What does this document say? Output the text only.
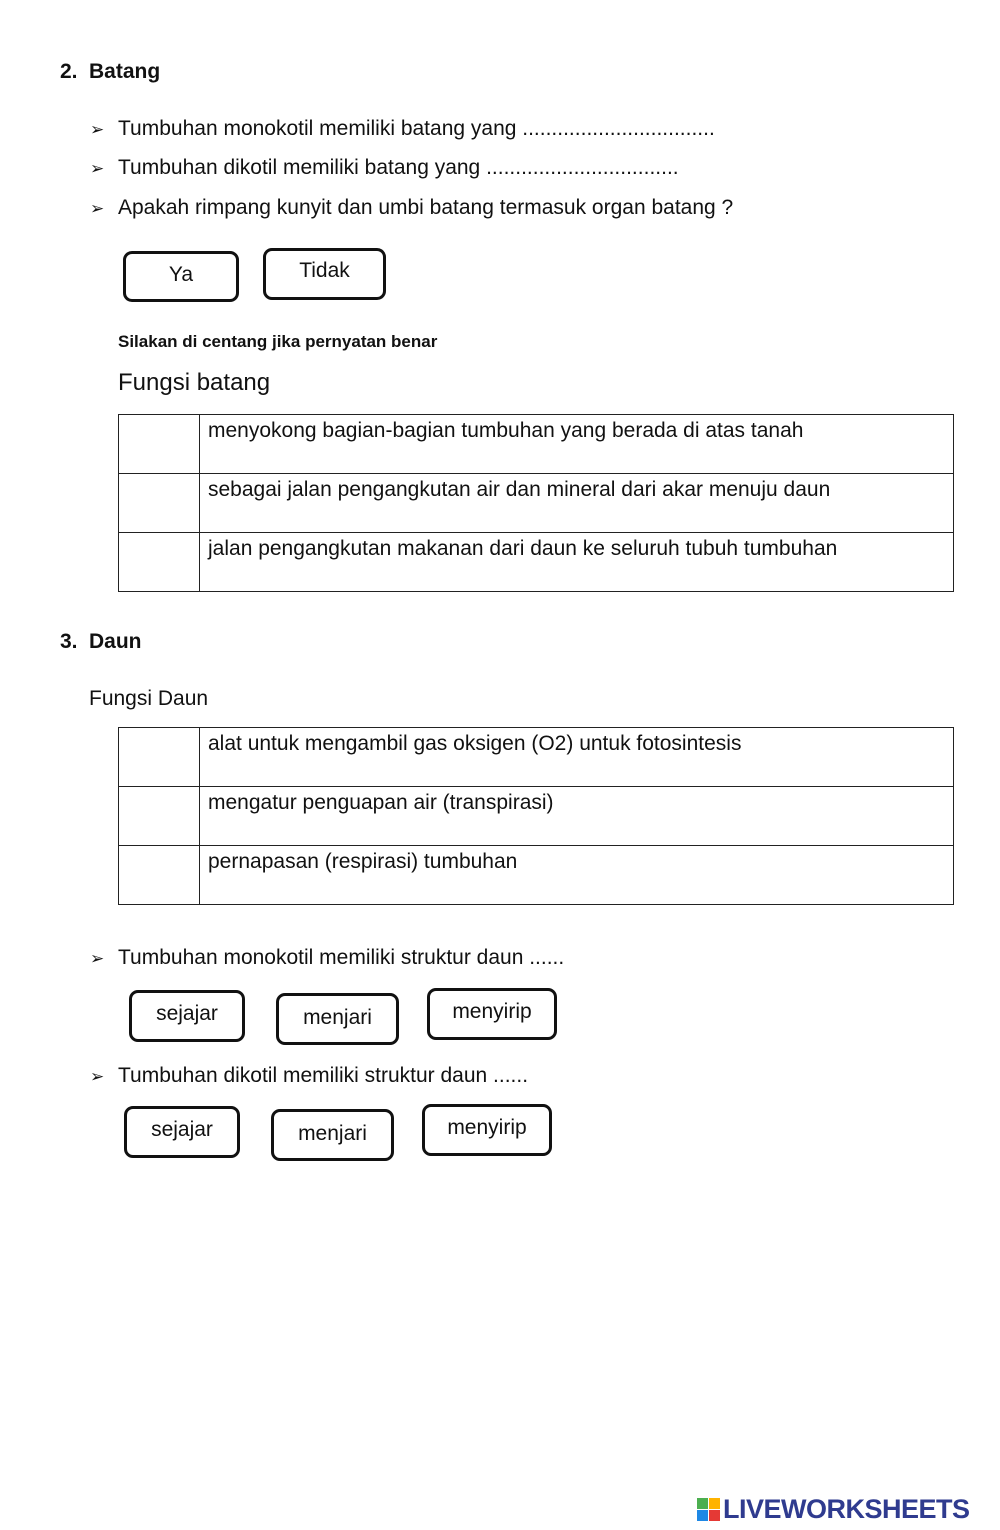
2. Batang
➢ Tumbuhan monokotil memiliki batang yang .................................
➢ Tumbuhan dikotil memiliki batang yang .................................
➢ Apakah rimpang kunyit dan umbi batang termasuk organ batang ?
Ya	Tidak
Silakan di centang jika pernyatan benar
Fungsi batang
	menyokong bagian-bagian tumbuhan yang berada di atas tanah
	sebagai jalan pengangkutan air dan mineral dari akar menuju daun
	jalan pengangkutan makanan dari daun ke seluruh tubuh tumbuhan
3. Daun
Fungsi Daun
	alat untuk mengambil gas oksigen (O2) untuk fotosintesis
	mengatur penguapan air (transpirasi)
	pernapasan (respirasi) tumbuhan
➢ Tumbuhan monokotil memiliki struktur daun ......
sejajar	menjari	menyirip
➢ Tumbuhan dikotil memiliki struktur daun ......
sejajar	menjari	menyirip
LIVEWORKSHEETS
